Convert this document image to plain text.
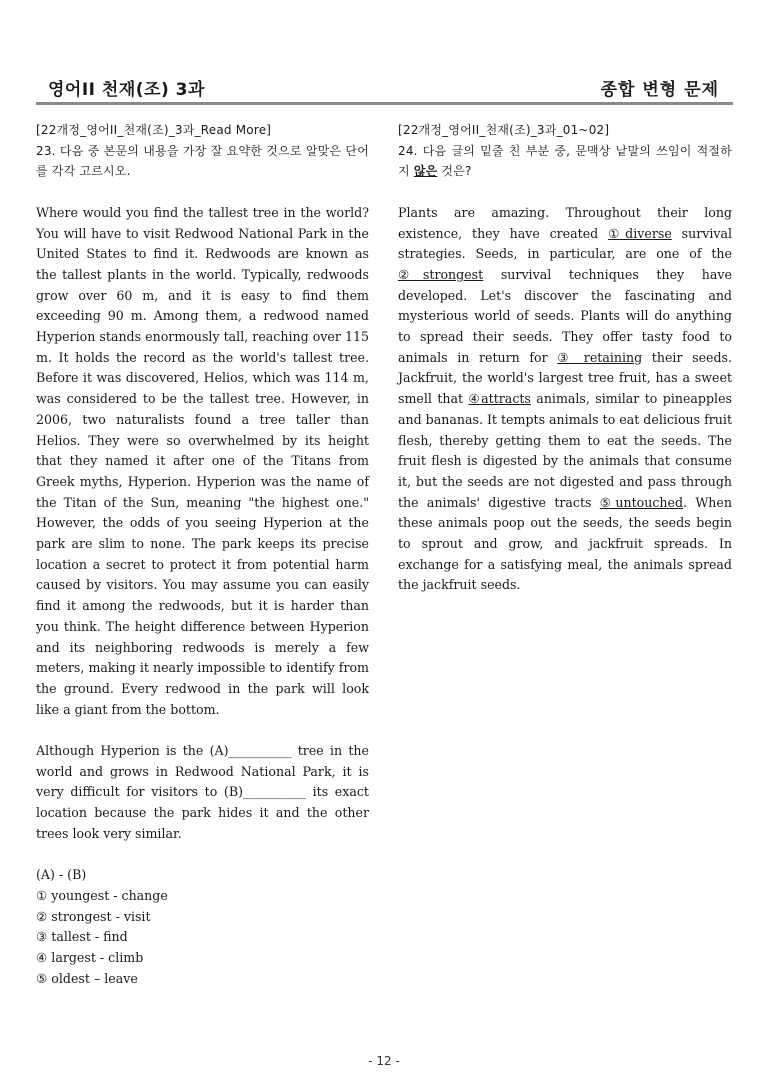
영어II 천재(조) 3과	종합 변형 문제

[22개정_영어II_천재(조)_3과_Read More]

23. 다음 중 본문의 내용을 가장 잘 요약한 것으로 알맞은 단어를 각각 고르시오.

Where would you find the tallest tree in the world? You will have to visit Redwood National Park in the United States to find it. Redwoods are known as the tallest plants in the world. Typically, redwoods grow over 60 m, and it is easy to find them exceeding 90 m. Among them, a redwood named Hyperion stands enormously tall, reaching over 115 m. It holds the record as the world's tallest tree. Before it was discovered, Helios, which was 114 m, was considered to be the tallest tree. However, in 2006, two naturalists found a tree taller than Helios. They were so overwhelmed by its height that they named it after one of the Titans from Greek myths, Hyperion. Hyperion was the name of the Titan of the Sun, meaning "the highest one." However, the odds of you seeing Hyperion at the park are slim to none. The park keeps its precise location a secret to protect it from potential harm caused by visitors. You may assume you can easily find it among the redwoods, but it is harder than you think. The height difference between Hyperion and its neighboring redwoods is merely a few meters, making it nearly impossible to identify from the ground. Every redwood in the park will look like a giant from the bottom.

Although Hyperion is the (A)__________ tree in the world and grows in Redwood National Park, it is very difficult for visitors to (B)__________ its exact location because the park hides it and the other trees look very similar.

(A) - (B)

① youngest - change

② strongest - visit

③ tallest - find

④ largest - climb

⑤ oldest – leave

[22개정_영어II_천재(조)_3과_01~02]

24. 다음 글의 밑줄 친 부분 중, 문맥상 낱말의 쓰임이 적절하지 않은 것은?

Plants are amazing. Throughout their long existence, they have created ①diverse survival strategies. Seeds, in particular, are one of the ②strongest survival techniques they have developed. Let's discover the fascinating and mysterious world of seeds. Plants will do anything to spread their seeds. They offer tasty food to animals in return for ③ retaining their seeds. Jackfruit, the world's largest tree fruit, has a sweet smell that ④attracts animals, similar to pineapples and bananas. It tempts animals to eat delicious fruit flesh, thereby getting them to eat the seeds. The fruit flesh is digested by the animals that consume it, but the seeds are not digested and pass through the animals' digestive tracts ⑤untouched. When these animals poop out the seeds, the seeds begin to sprout and grow, and jackfruit spreads. In exchange for a satisfying meal, the animals spread the jackfruit seeds.

- 12 -
